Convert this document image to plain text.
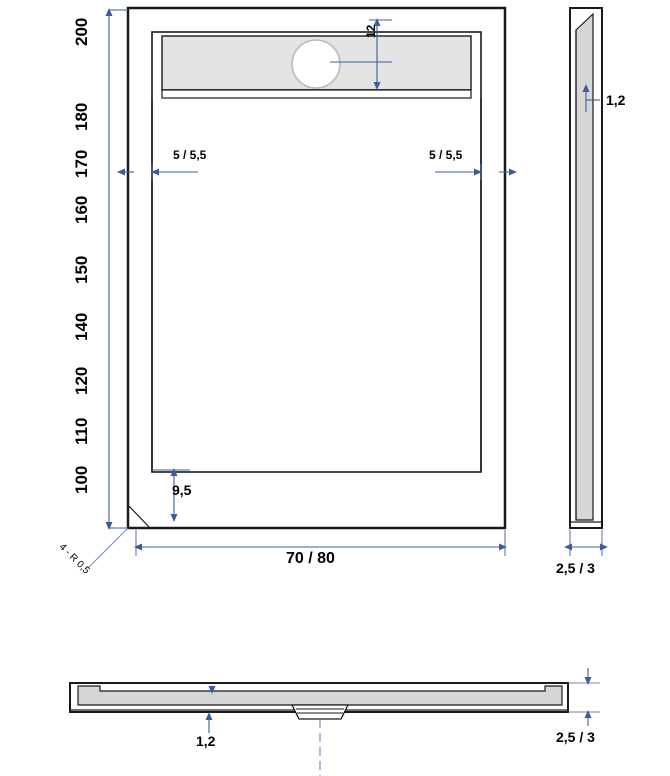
200
180
170
160
150
140
120
110
100
5 / 5,5	5 / 5,5
12
9,5
70 / 80
4 - R 0,5
1,2
2,5 / 3
1,2	2,5 / 3
